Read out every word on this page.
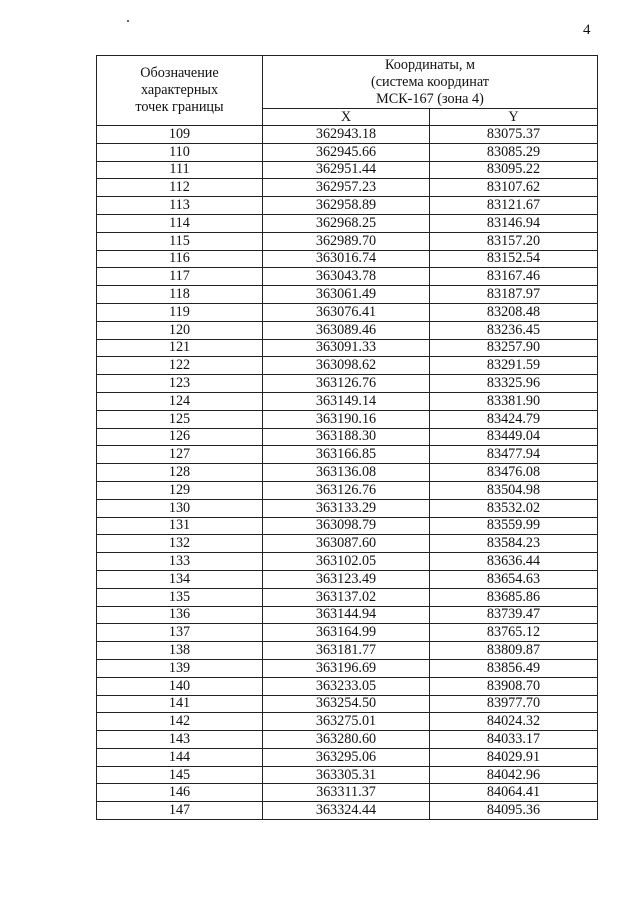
4
Обозначение
характерных
точек границы	Координаты, м
(система координат
МСК-167 (зона 4)	

	X	Y
109	362943.18	83075.37
110	362945.66	83085.29
111	362951.44	83095.22
112	362957.23	83107.62
113	362958.89	83121.67
114	362968.25	83146.94
115	362989.70	83157.20
116	363016.74	83152.54
117	363043.78	83167.46
118	363061.49	83187.97
119	363076.41	83208.48
120	363089.46	83236.45
121	363091.33	83257.90
122	363098.62	83291.59
123	363126.76	83325.96
124	363149.14	83381.90
125	363190.16	83424.79
126	363188.30	83449.04
127	363166.85	83477.94
128	363136.08	83476.08
129	363126.76	83504.98
130	363133.29	83532.02
131	363098.79	83559.99
132	363087.60	83584.23
133	363102.05	83636.44
134	363123.49	83654.63
135	363137.02	83685.86
136	363144.94	83739.47
137	363164.99	83765.12
138	363181.77	83809.87
139	363196.69	83856.49
140	363233.05	83908.70
141	363254.50	83977.70
142	363275.01	84024.32
143	363280.60	84033.17
144	363295.06	84029.91
145	363305.31	84042.96
146	363311.37	84064.41
147	363324.44	84095.36
